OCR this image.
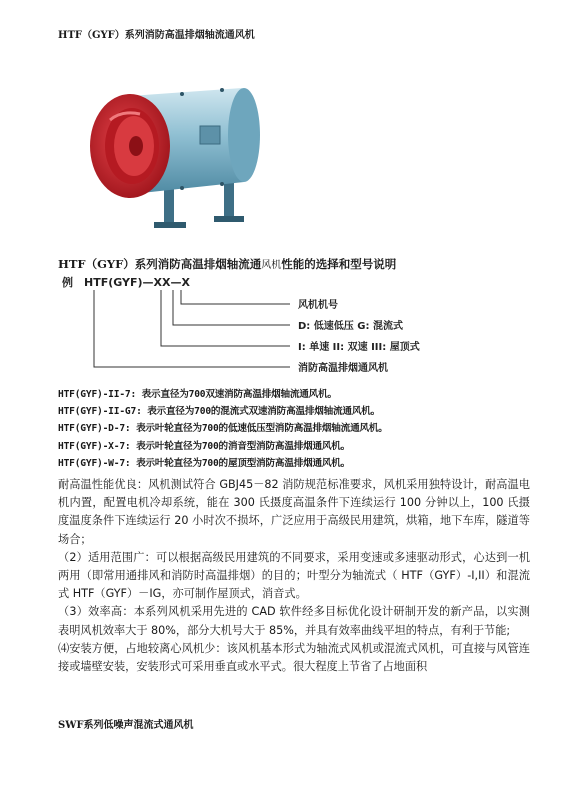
HTF（GYF）系列消防高温排烟轴流通风机
HTF（GYF）系列消防高温排烟轴流通风机性能的选择和型号说明
例 HTF(GYF)—XX—X
风机机号
D: 低速低压 G: 混流式
I: 单速 II: 双速 III: 屋顶式
消防高温排烟通风机
HTF(GYF)-II-7: 表示直径为700双速消防高温排烟轴流通风机。
HTF(GYF)-II-G7: 表示直径为700的混流式双速消防高温排烟轴流通风机。
HTF(GYF)-D-7: 表示叶轮直径为700的低速低压型消防高温排烟轴流通风机。
HTF(GYF)-X-7: 表示叶轮直径为700的消音型消防高温排烟通风机。
HTF(GYF)-W-7: 表示叶轮直径为700的屋顶型消防高温排烟通风机。

耐高温性能优良：风机测试符合 GBJ45－82 消防规范标准要求，风机采用独特设计，耐高温电机内置，配置电机冷却系统，能在 300 氏摄度高温条件下连续运行 100 分钟以上，100 氏摄度温度条件下连续运行 20 小时次不损坏，广泛应用于高级民用建筑，烘箱，地下车库，隧道等场合；

（2）适用范围广：可以根据高级民用建筑的不同要求，采用变速或多速驱动形式，心达到一机两用（即常用通排风和消防时高温排烟）的目的；叶型分为轴流式（ HTF（GYF）-I,II）和混流式 HTF（GYF）－IG，亦可制作屋顶式，消音式。

（3）效率高：本系列风机采用先进的 CAD 软件经多目标优化设计研制开发的新产品，以实测表明风机效率大于 80%，部分大机号大于 85%，并具有效率曲线平坦的特点，有利于节能;

⑷安装方便，占地较离心风机少：该风机基本形式为轴流式风机或混流式风机，可直接与风管连接或墙壁安装，安装形式可采用垂直或水平式。很大程度上节省了占地面积

SWF系列低噪声混流式通风机
